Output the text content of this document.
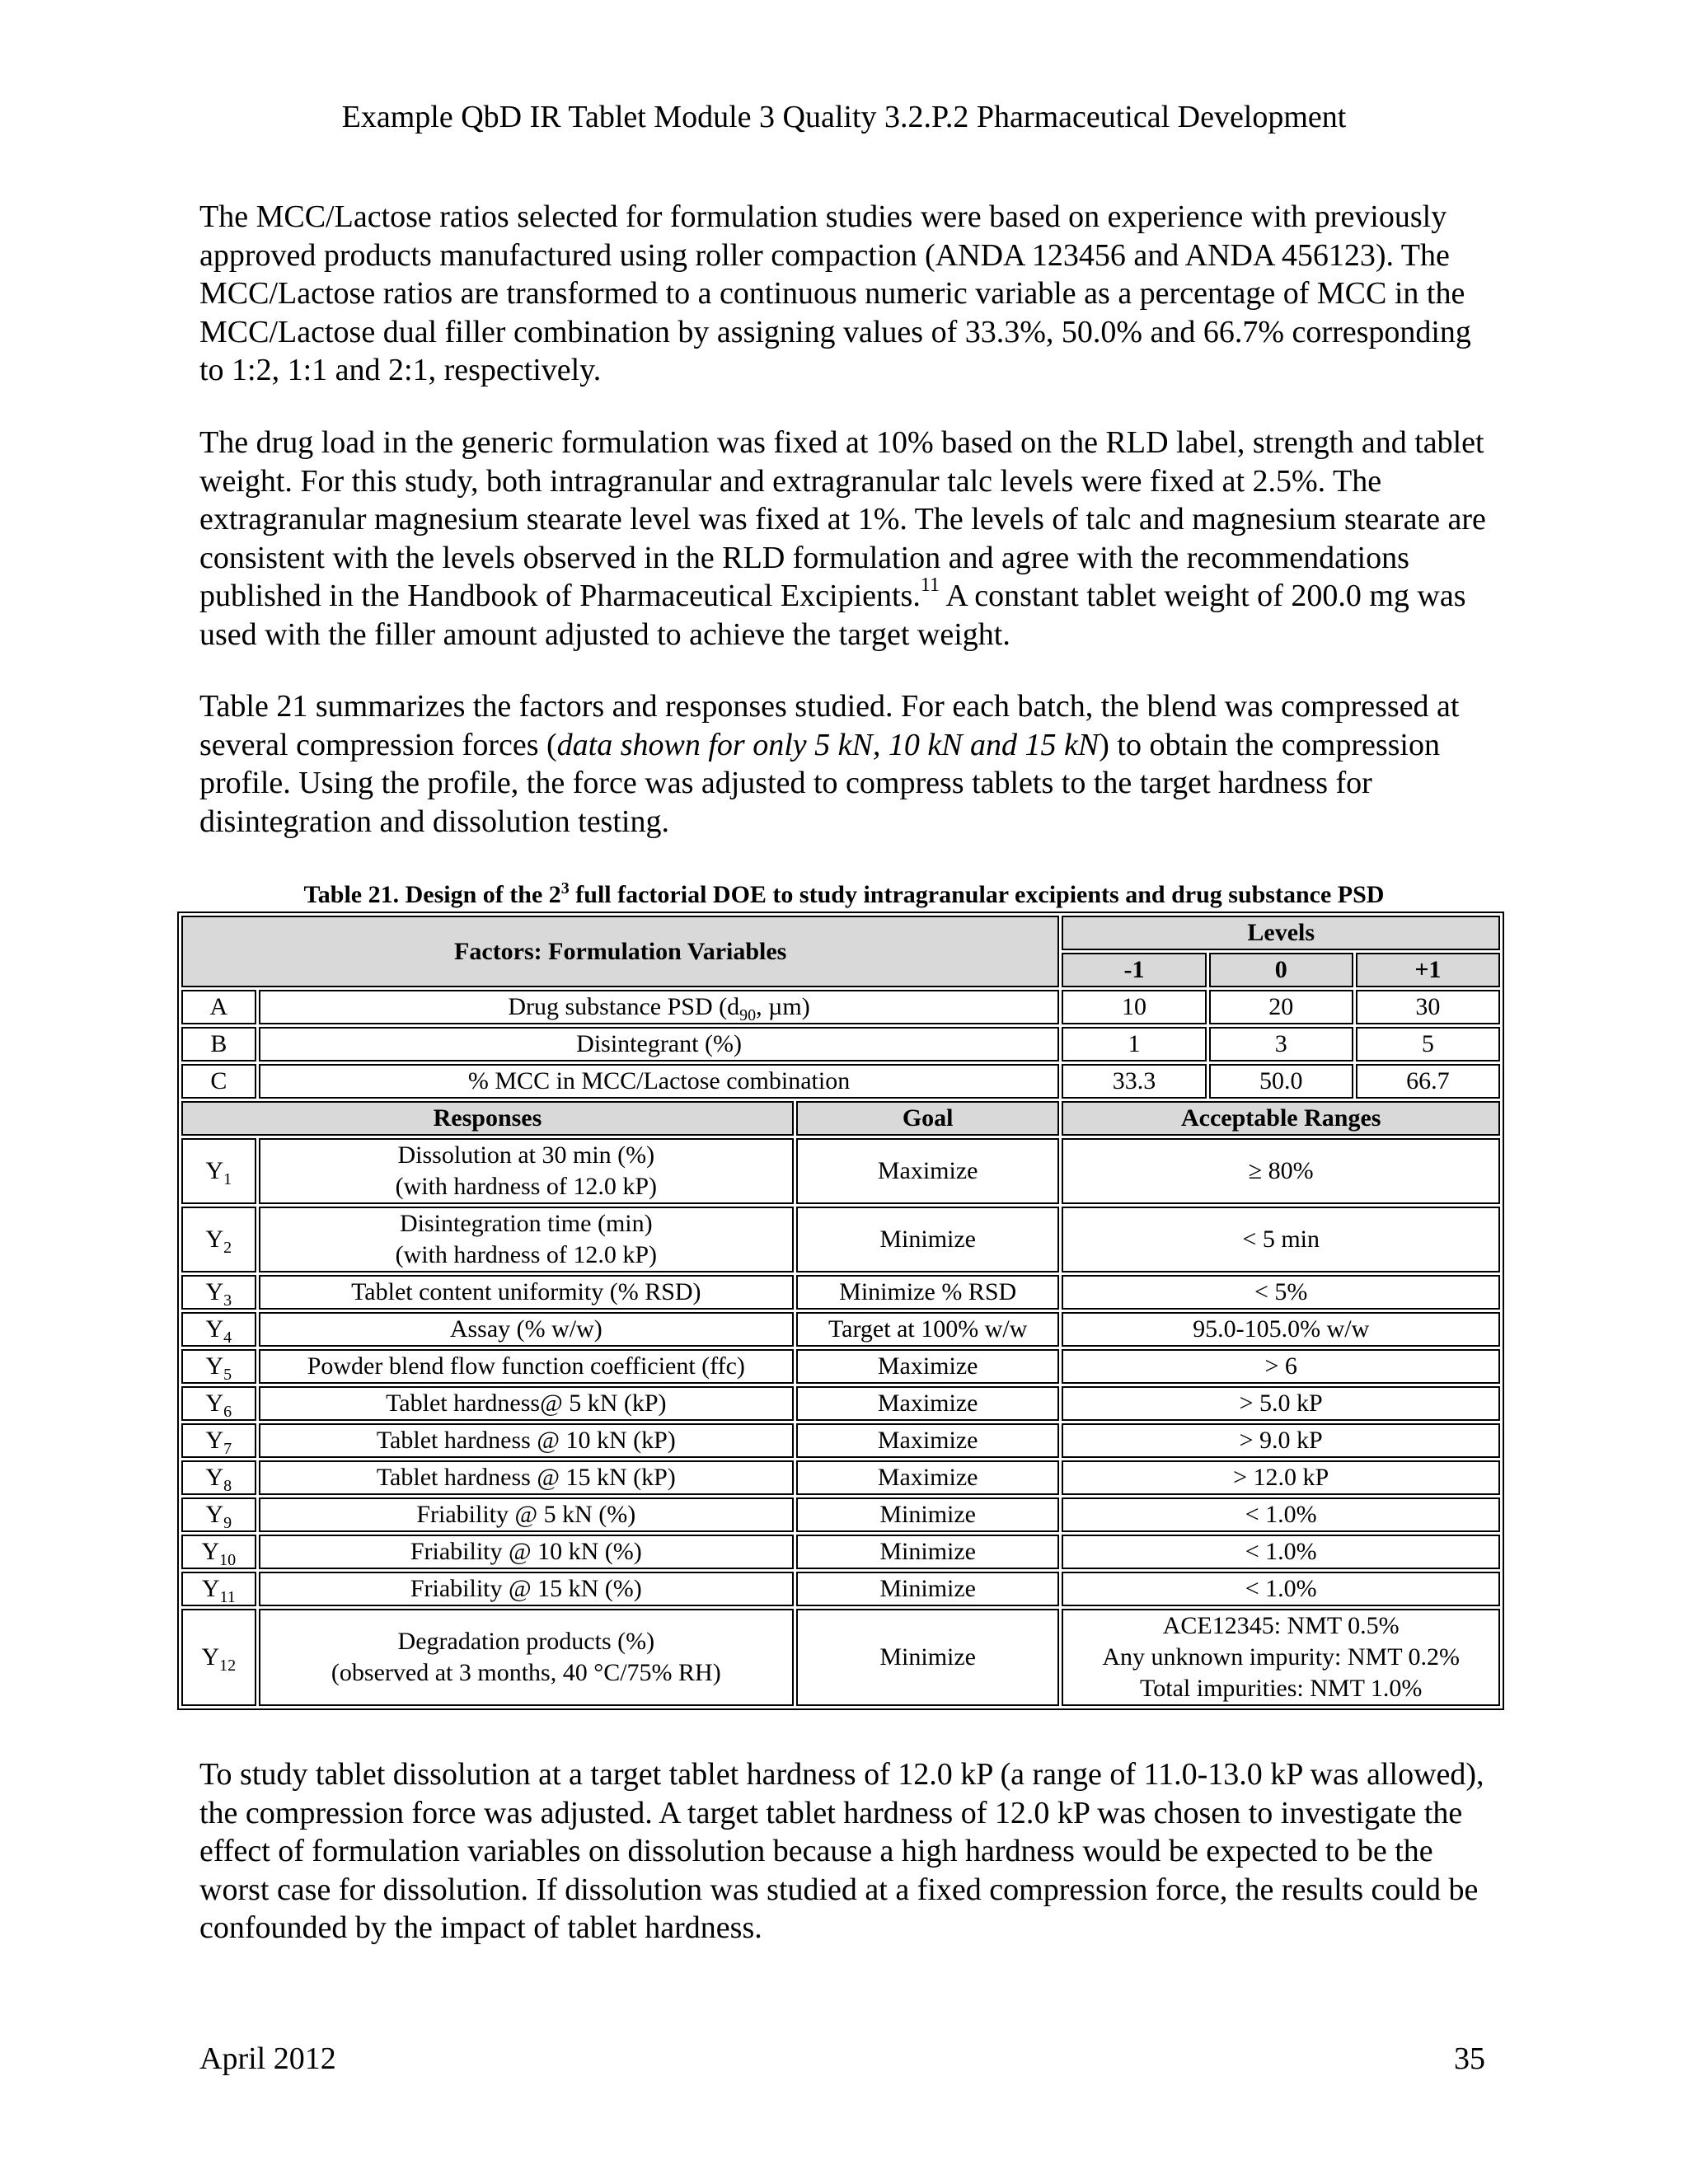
Example QbD IR Tablet Module 3 Quality 3.2.P.2 Pharmaceutical Development

The MCC/Lactose ratios selected for formulation studies were based on experience with previously approved products manufactured using roller compaction (ANDA 123456 and ANDA 456123). The MCC/Lactose ratios are transformed to a continuous numeric variable as a percentage of MCC in the MCC/Lactose dual filler combination by assigning values of 33.3%, 50.0% and 66.7% corresponding to 1:2, 1:1 and 2:1, respectively.

The drug load in the generic formulation was fixed at 10% based on the RLD label, strength and tablet weight. For this study, both intragranular and extragranular talc levels were fixed at 2.5%. The extragranular magnesium stearate level was fixed at 1%. The levels of talc and magnesium stearate are consistent with the levels observed in the RLD formulation and agree with the recommendations published in the Handbook of Pharmaceutical Excipients.$^{11}$ A constant tablet weight of 200.0 mg was used with the filler amount adjusted to achieve the target weight.

Table 21 summarizes the factors and responses studied. For each batch, the blend was compressed at several compression forces (data shown for only 5 kN, 10 kN and 15 kN) to obtain the compression profile. Using the profile, the force was adjusted to compress tablets to the target hardness for disintegration and dissolution testing.

Table 21. Design of the $2^3$ full factorial DOE to study intragranular excipients and drug substance PSD
Factors: Formulation Variables			Levels		
			-1	0	+1
A	Drug substance PSD ($d_{90}$, µm)		10	20	30
B	Disintegrant (%)		1	3	5
C	% MCC in MCC/Lactose combination		33.3	50.0	66.7
Responses		Goal	Acceptable Ranges		
$Y_1$	Dissolution at 30 min (%)
(with hardness of 12.0 kP)	Maximize	≥ 80%		
$Y_2$	Disintegration time (min)
(with hardness of 12.0 kP)	Minimize	< 5 min		
$Y_3$	Tablet content uniformity (% RSD)	Minimize % RSD	< 5%		
$Y_4$	Assay (% w/w)	Target at 100% w/w	95.0-105.0% w/w		
$Y_5$	Powder blend flow function coefficient (ffc)	Maximize	> 6		
$Y_6$	Tablet hardness@ 5 kN (kP)	Maximize	> 5.0 kP		
$Y_7$	Tablet hardness @ 10 kN (kP)	Maximize	> 9.0 kP		
$Y_8$	Tablet hardness @ 15 kN (kP)	Maximize	> 12.0 kP		
$Y_9$	Friability @ 5 kN (%)	Minimize	< 1.0%		
$Y_{10}$	Friability @ 10 kN (%)	Minimize	< 1.0%		
$Y_{11}$	Friability @ 15 kN (%)	Minimize	< 1.0%		
$Y_{12}$	Degradation products (%)
(observed at 3 months, 40 °C/75% RH)	Minimize	ACE12345: NMT 0.5%
Any unknown impurity: NMT 0.2%
Total impurities: NMT 1.0%		

To study tablet dissolution at a target tablet hardness of 12.0 kP (a range of 11.0-13.0 kP was allowed), the compression force was adjusted. A target tablet hardness of 12.0 kP was chosen to investigate the effect of formulation variables on dissolution because a high hardness would be expected to be the worst case for dissolution. If dissolution was studied at a fixed compression force, the results could be confounded by the impact of tablet hardness.

April 2012	35
